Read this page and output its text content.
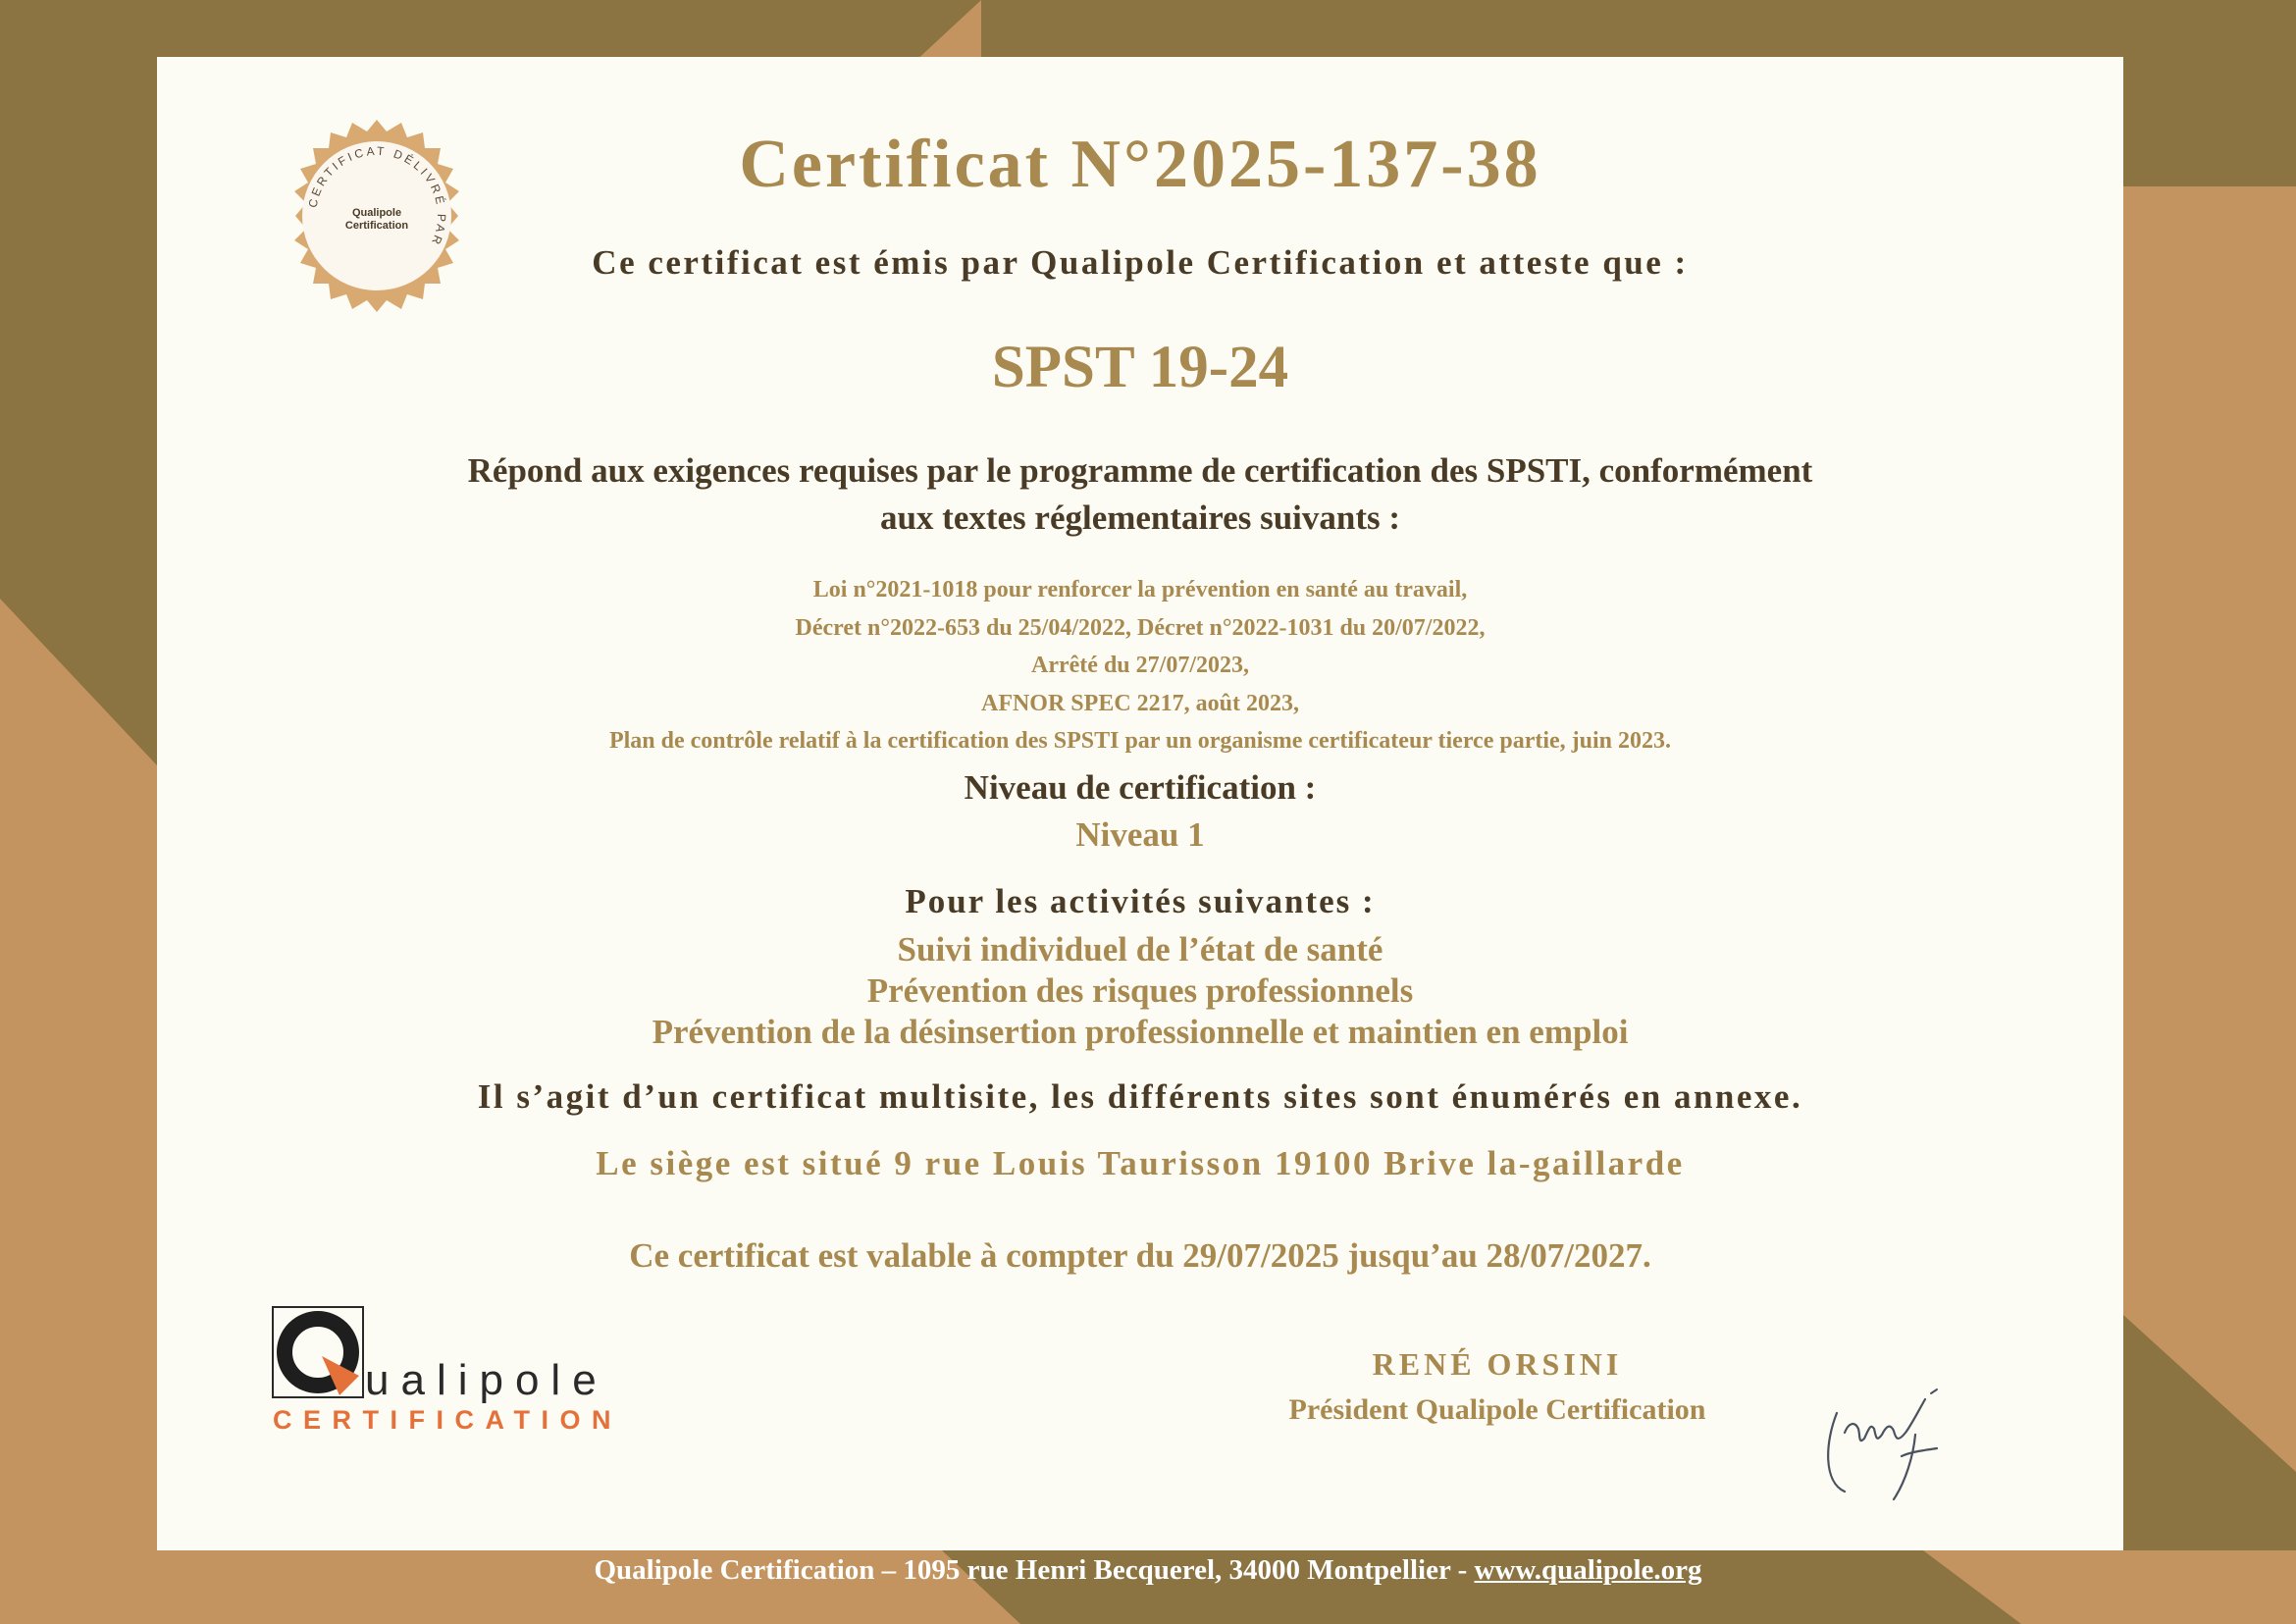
CERTIFICAT DÉLIVRÉ PAR
Qualipole
Certification
Certificat N°2025-137-38

Ce certificat est émis par Qualipole Certification et atteste que :

SPST 19-24

Répond aux exigences requises par le programme de certification des SPSTI, conformément
aux textes réglementaires suivants :
Loi n°2021-1018 pour renforcer la prévention en santé au travail,
Décret n°2022-653 du 25/04/2022, Décret n°2022-1031 du 20/07/2022,
Arrêté du 27/07/2023,
AFNOR SPEC 2217, août 2023,
Plan de contrôle relatif à la certification des SPSTI par un organisme certificateur tierce partie, juin 2023.

Niveau de certification :

Niveau 1

Pour les activités suivantes :

Suivi individuel de l’état de santé
Prévention des risques professionnels
Prévention de la désinsertion professionnelle et maintien en emploi

Il s’agit d’un certificat multisite, les différents sites sont énumérés en annexe.

Le siège est situé 9 rue Louis Taurisson 19100 Brive la-gaillarde

Ce certificat est valable à compter du 29/07/2025 jusqu’au 28/07/2027.

ualipole
CERTIFICATION

RENÉ ORSINI

Président Qualipole Certification

Qualipole Certification – 1095 rue Henri Becquerel, 34000 Montpellier - www.qualipole.org
